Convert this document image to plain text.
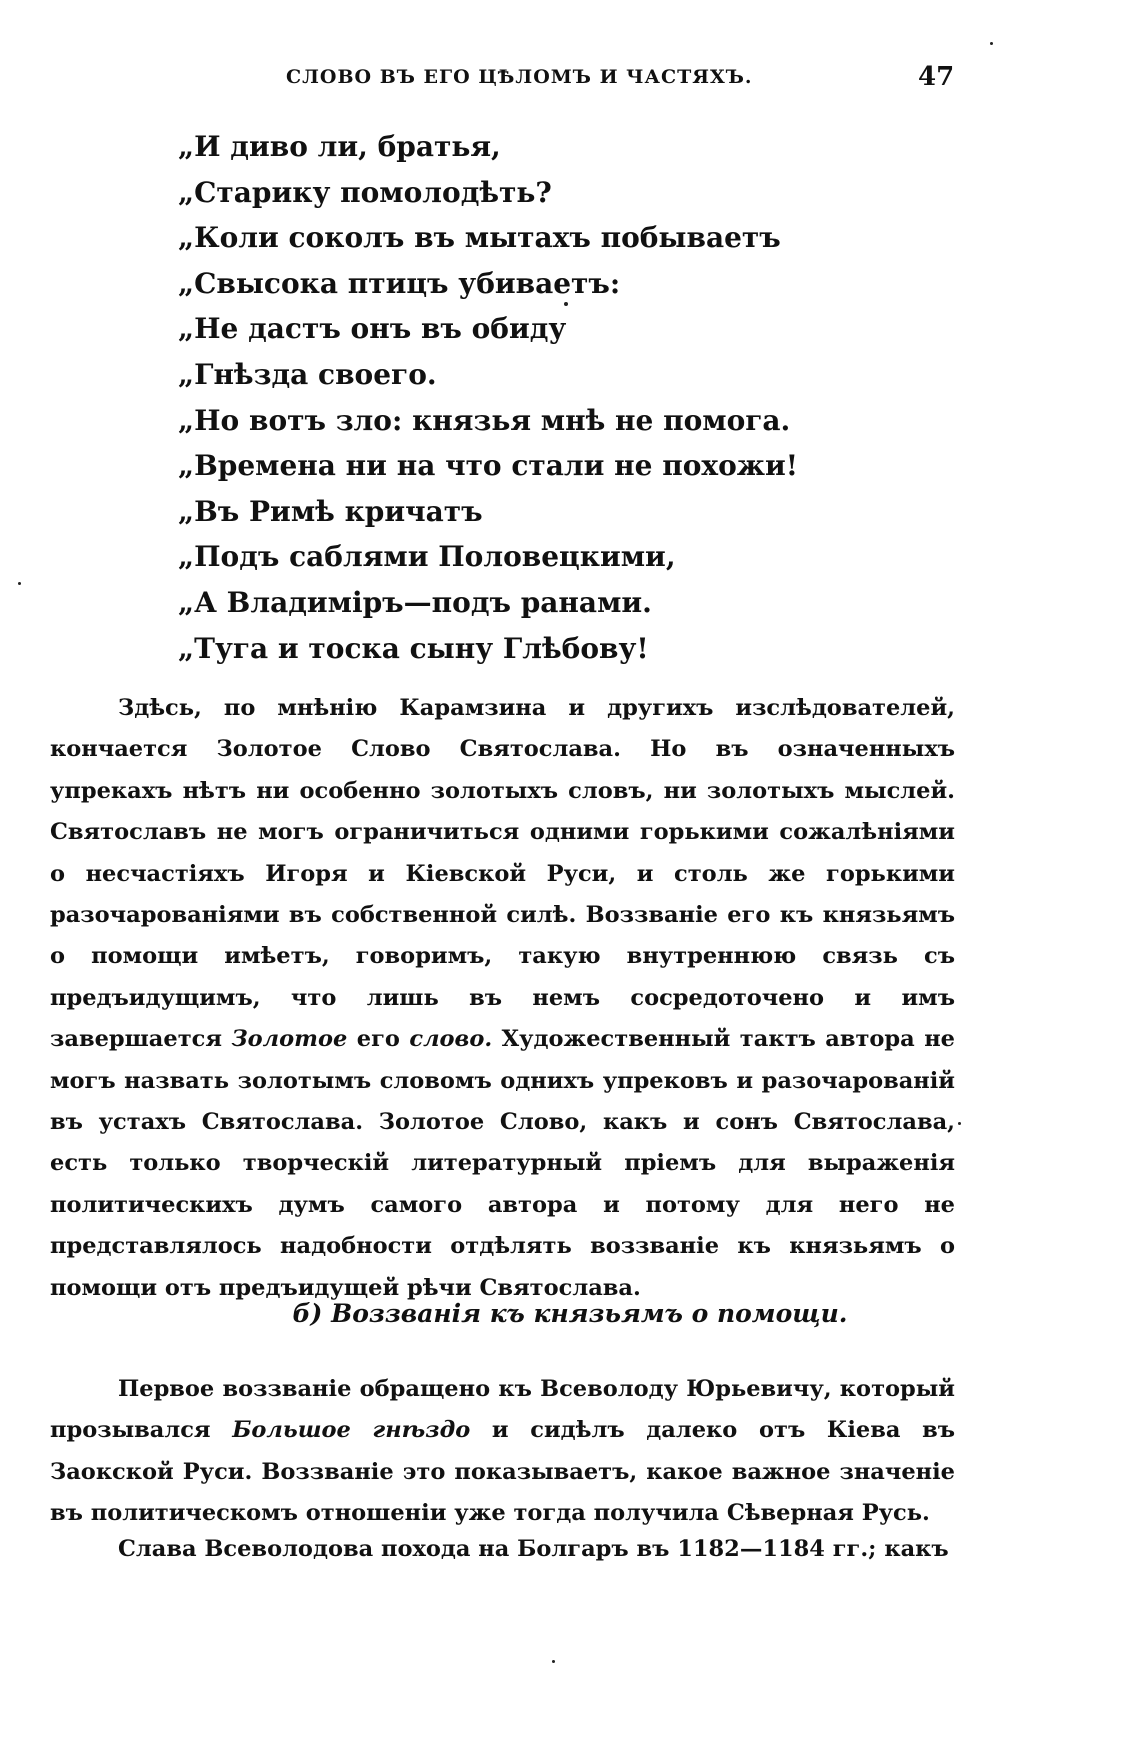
СЛОВО ВЪ ЕГО ЦѢЛОМЪ И ЧАСТЯХЪ.	47
„И диво ли, братья,
„Старику помолодѣть?
„Коли соколъ въ мытахъ побываетъ
„Свысока птицъ убиваетъ:
„Не дастъ онъ въ обиду
„Гнѣзда своего.
„Но вотъ зло: князья мнѣ не помога.
„Времена ни на что стали не похожи!
„Въ Римѣ кричатъ
„Подъ саблями Половецкими,
„А Владиміръ—подъ ранами.
„Туга и тоска сыну Глѣбову!

Здѣсь, по мнѣнію Карамзина и другихъ изслѣдователей, кончается Золотое Слово Святослава. Но въ означенныхъ упрекахъ нѣтъ ни особенно золотыхъ словъ, ни золотыхъ мыслей. Святославъ не могъ ограничиться одними горькими сожалѣніями о несчастіяхъ Игоря и Кіевской Руси, и столь же горькими разочарованіями въ собственной силѣ. Воззваніе его къ князьямъ о помощи имѣетъ, говоримъ, такую внутреннюю связь съ предъидущимъ, что лишь въ немъ сосредоточено и имъ завершается Золотое его слово. Художественный тактъ автора не могъ назвать золотымъ словомъ однихъ упрековъ и разочарованій въ устахъ Святослава. Золотое Слово, какъ и сонъ Святослава, есть только творческій литературный пріемъ для выраженія политическихъ думъ самого автора и потому для него не представлялось надобности отдѣлять воззваніе къ князьямъ о помощи отъ предъидущей рѣчи Святослава.

б) Воззванія къ князьямъ о помощи.

Первое воззваніе обращено къ Всеволоду Юрьевичу, который прозывался Большое гнѣздо и сидѣлъ далеко отъ Кіева въ Заокской Руси. Воззваніе это показываетъ, какое важное значеніе въ политическомъ отношеніи уже тогда получила Сѣверная Русь.

Слава Всеволодова похода на Болгаръ въ 1182—1184 гг.; какъ
